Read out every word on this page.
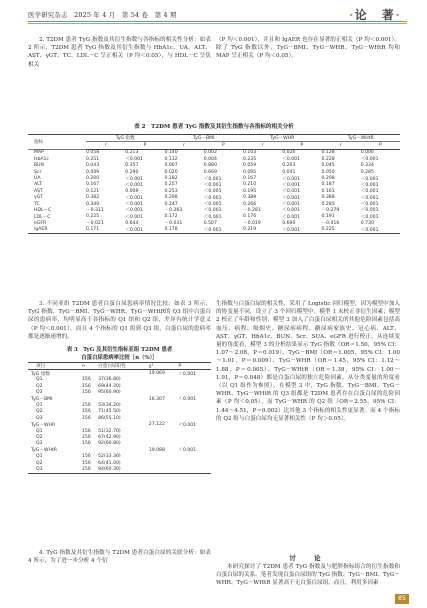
医学研究杂志　2025 年 4 月　第 54 卷　第 4 期	·论　著·

2. T2DM 患者 TyG 指数及其衍生指数与各指标的相关性分析：如表 2 所示，T2DM 患者 TyG 指数及其衍生指数与 HbA1c、UA、ALT、AST、γGT、TC、LDL－C 呈正相关（P 均＜0.05），与 HDL－C 呈负相关

（P 均＜0.001），并且和 IgAER 也存在显著的正相关（P 均＜0.001）。除了 TyG 指数以外，TyG－BMI、TyG－WHR、TyG－WHtR 均和 MAP 呈正相关（P 均＜0.05）。

表 2　T2DM 患者 TyG 指数及其衍生指数与各指标的相关分析
指标	TyG 指数		TyG－BMI		TyG－WHR		TyG－WHtR	
	r	P	r	P	r	P	r	P
MAP	0.058	0.213	0.140	0.002	0.103	0.026	0.128	0.006
HbA1c	0.251	＜0.001	0.132	0.004	0.235	＜0.001	0.228	＜0.001
BUN	0.043	0.357	0.007	0.880	0.059	0.203	0.045	0.334
Scr	0.049	0.290	0.020	0.669	0.095	0.041	0.050	0.285
UA	0.200	＜0.001	0.182	＜0.001	0.167	＜0.001	0.208	＜0.001
ALT	0.167	＜0.001	0.257	＜0.001	0.210	＜0.001	0.187	＜0.001
AST	0.121	0.009	0.253	＜0.001	0.195	＜0.001	0.161	＜0.001
γGT	0.382	＜0.001	0.298	＜0.001	0.389	＜0.001	0.388	＜0.001
TC	0.349	＜0.001	0.247	＜0.001	0.266	＜0.001	0.285	＜0.001
HDL－C	－0.311	＜0.001	－0.263	＜0.001	－0.281	＜0.001	－0.279	＜0.001
LDL－C	0.225	＜0.001	0.172	＜0.001	0.176	＜0.001	0.191	＜0.001
eGFR	－0.021	0.644	－0.031	0.507	－0.019	0.690	－0.016	0.730
IgAER	0.171	＜0.001	0.178	＜0.001	0.219	＜0.001	0.225	＜0.001

3. 不同亚组 T2DM 患者白蛋白尿患病率情况比较：如表 3 所示，TyG 指数、TyG－BMI、TyG－WHR、TyG－WHtR的 Q3 组中白蛋白尿的患病率，均明显高于各指标的 Q1 组和 Q2 组，差异有统计学意义（P 均＜0.001）。而且 4 个指标的 Q1 组到 Q3 组，白蛋白尿的患病率都是逐渐递增的。

表 3　TyG 及其衍生指标亚组 T2DM 患者
白蛋白尿患病率比较［n（%）］
项目	n	白蛋白尿阳性	χ²	P
TyG 指数			19.069	＜0.001
Q1	156	37(36.80)		
Q2	156	69(44.20)		
Q3	156	95(60.90)		
TyG－BMI			16.307	＜0.001
Q1	156	53(34.20)		
Q2	156	71(45.50)		
Q3	156	86(55.10)		
TyG－WHR			27.122	＜0.001
Q1	156	51(32.70)		
Q2	156	67(42.90)		
Q3	156	92(60.80)		
TyG－WHtR			19.088	＜0.001
Q1	156	52(33.30)		
Q2	156	64(41.00)		
Q3	156	94(60.30)		

4. TyG 指数及其衍生指数与 T2DM 患者白蛋白尿的关联分析：如表 4 所示，为了进一步分析 4 个衍

生指数与白蛋白尿的相关性，采用了 Logistic 回归模型，因为模型中加入的协变量不同，设立了 3 个回归模型中。模型 1 未校正非衍生因素；模型 2 校正了年龄和性别；模型 3 加入了白蛋白尿相关的其他危险因素包括高血压、病程、吸烟史、糖尿病病程、糖尿病家族史、冠心病、ALT、AST、γGT、HbA1c、BUN、Scr、SUA、eGFR 进行校正。从连续变量的角度看，模型 3 的分析结果显示 TyG 指数（OR＝1.50，95% CI：1.07～2.08，P＝0.019）、TyG－BMI（OR＝1.005，95% CI：1.00～1.01，P＝0.009）、TyG－WHR（OR＝1.45，95% CI：1.12～1.88，P＝0.005）、TyG－WHtR（OR＝1.39，95% CI：1.00～1.91，P＝0.048）都是白蛋白尿的独立危险因素。从分类变量的角度看（以 Q1 组作为参照），在模型 3 中，TyG 指数、TyG－BMI、TyG－WHR、TyG－WHtR 的 Q3 组都是 T2DM 患者存在白蛋白尿的危险因素（P 均＜0.05），而 TyG－WHR 的 Q2 组（OR＝2.55，95% CI：1.44～4.51，P＝0.002）比其他 3 个指标的相关性更显著。而 4 个指标的 Q2 组与白蛋白尿均无显著相关性（P 均＞0.05）。

讨　论

本研究探讨了 T2DM 患者 TyG 指数及与肥胖指标组合的衍生指数和白蛋白尿的关系。笔者发现白蛋白尿组的 TyG 指数、TyG－BMI、TyG－WHR、TyG－WHtR 显著高于无白蛋白尿组，而且，利用多因素

85
